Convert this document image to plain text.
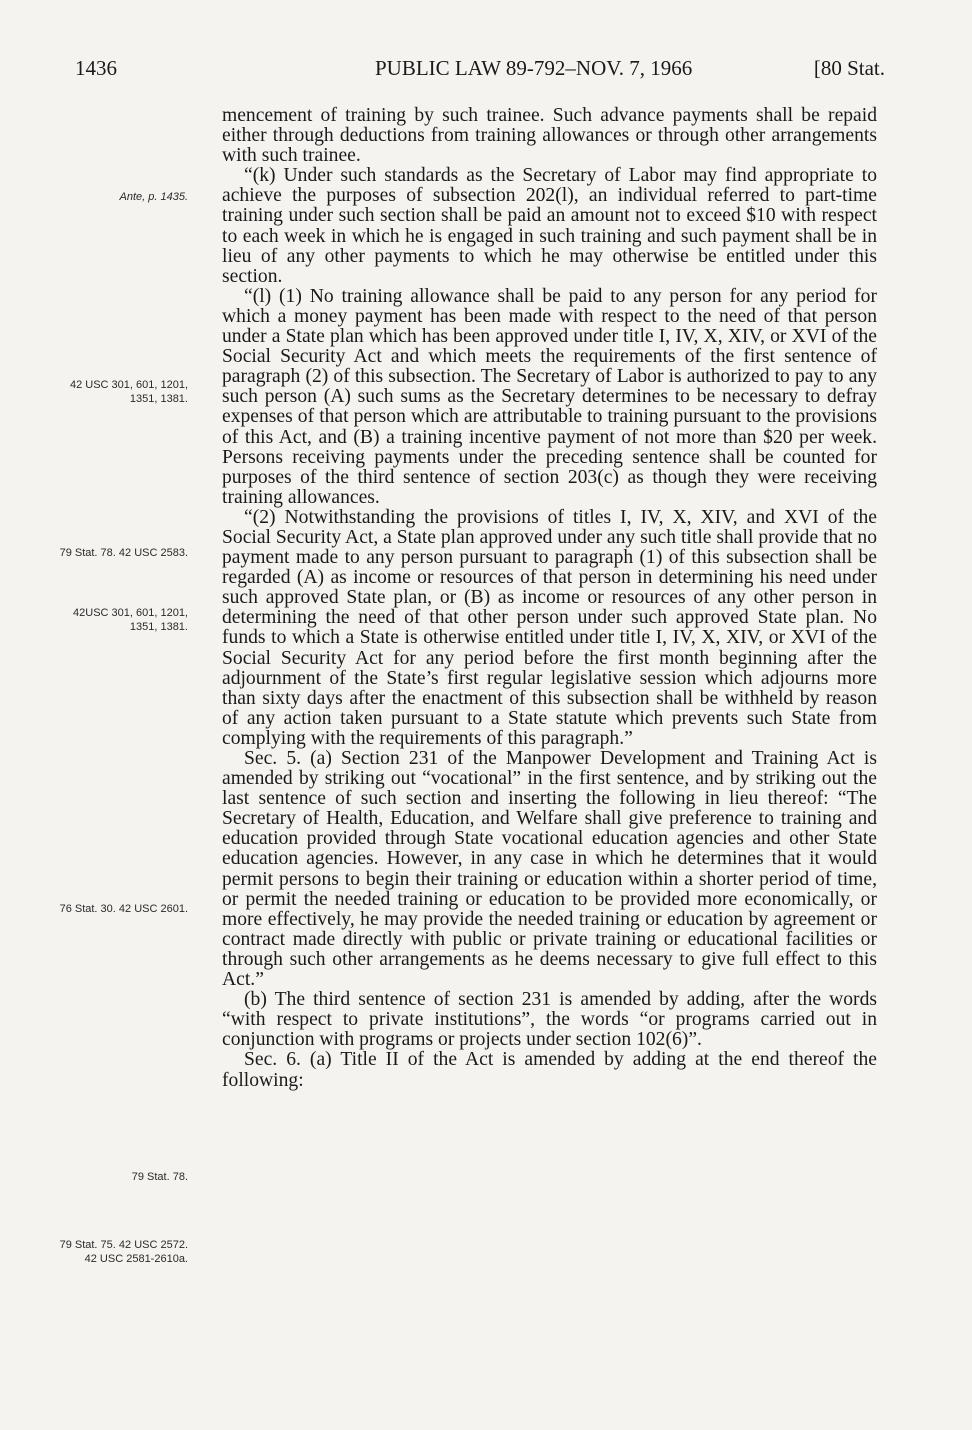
1436	PUBLIC LAW 89-792–NOV. 7, 1966	[80 Stat.
Ante, p. 1435.
42 USC 301, 601, 1201, 1351, 1381.
79 Stat. 78. 42 USC 2583.
42USC 301, 601, 1201, 1351, 1381.
76 Stat. 30. 42 USC 2601.
79 Stat. 78.
79 Stat. 75. 42 USC 2572. 42 USC 2581-2610a.

mencement of training by such trainee. Such advance payments shall be repaid either through deductions from training allowances or through other arrangements with such trainee.

“(k) Under such standards as the Secretary of Labor may find appropriate to achieve the purposes of subsection 202(l), an individual referred to part-time training under such section shall be paid an amount not to exceed $10 with respect to each week in which he is engaged in such training and such payment shall be in lieu of any other payments to which he may otherwise be entitled under this section.

“(l) (1) No training allowance shall be paid to any person for any period for which a money payment has been made with respect to the need of that person under a State plan which has been approved under title I, IV, X, XIV, or XVI of the Social Security Act and which meets the requirements of the first sentence of paragraph (2) of this subsection. The Secretary of Labor is authorized to pay to any such person (A) such sums as the Secretary determines to be necessary to defray expenses of that person which are attributable to training pursuant to the provisions of this Act, and (B) a training incentive payment of not more than $20 per week. Persons receiving payments under the preceding sentence shall be counted for purposes of the third sentence of section 203(c) as though they were receiving training allowances.

“(2) Notwithstanding the provisions of titles I, IV, X, XIV, and XVI of the Social Security Act, a State plan approved under any such title shall provide that no payment made to any person pursuant to paragraph (1) of this subsection shall be regarded (A) as income or resources of that person in determining his need under such approved State plan, or (B) as income or resources of any other person in determining the need of that other person under such approved State plan. No funds to which a State is otherwise entitled under title I, IV, X, XIV, or XVI of the Social Security Act for any period before the first month beginning after the adjournment of the State’s first regular legislative session which adjourns more than sixty days after the enactment of this subsection shall be withheld by reason of any action taken pursuant to a State statute which prevents such State from complying with the requirements of this paragraph.”

Sec. 5. (a) Section 231 of the Manpower Development and Training Act is amended by striking out “vocational” in the first sentence, and by striking out the last sentence of such section and inserting the following in lieu thereof: “The Secretary of Health, Education, and Welfare shall give preference to training and education provided through State vocational education agencies and other State education agencies. However, in any case in which he determines that it would permit persons to begin their training or education within a shorter period of time, or permit the needed training or education to be provided more economically, or more effectively, he may provide the needed training or education by agreement or contract made directly with public or private training or educational facilities or through such other arrangements as he deems necessary to give full effect to this Act.”

(b) The third sentence of section 231 is amended by adding, after the words “with respect to private institutions”, the words “or programs carried out in conjunction with programs or projects under section 102(6)”.

Sec. 6. (a) Title II of the Act is amended by adding at the end thereof the following:
